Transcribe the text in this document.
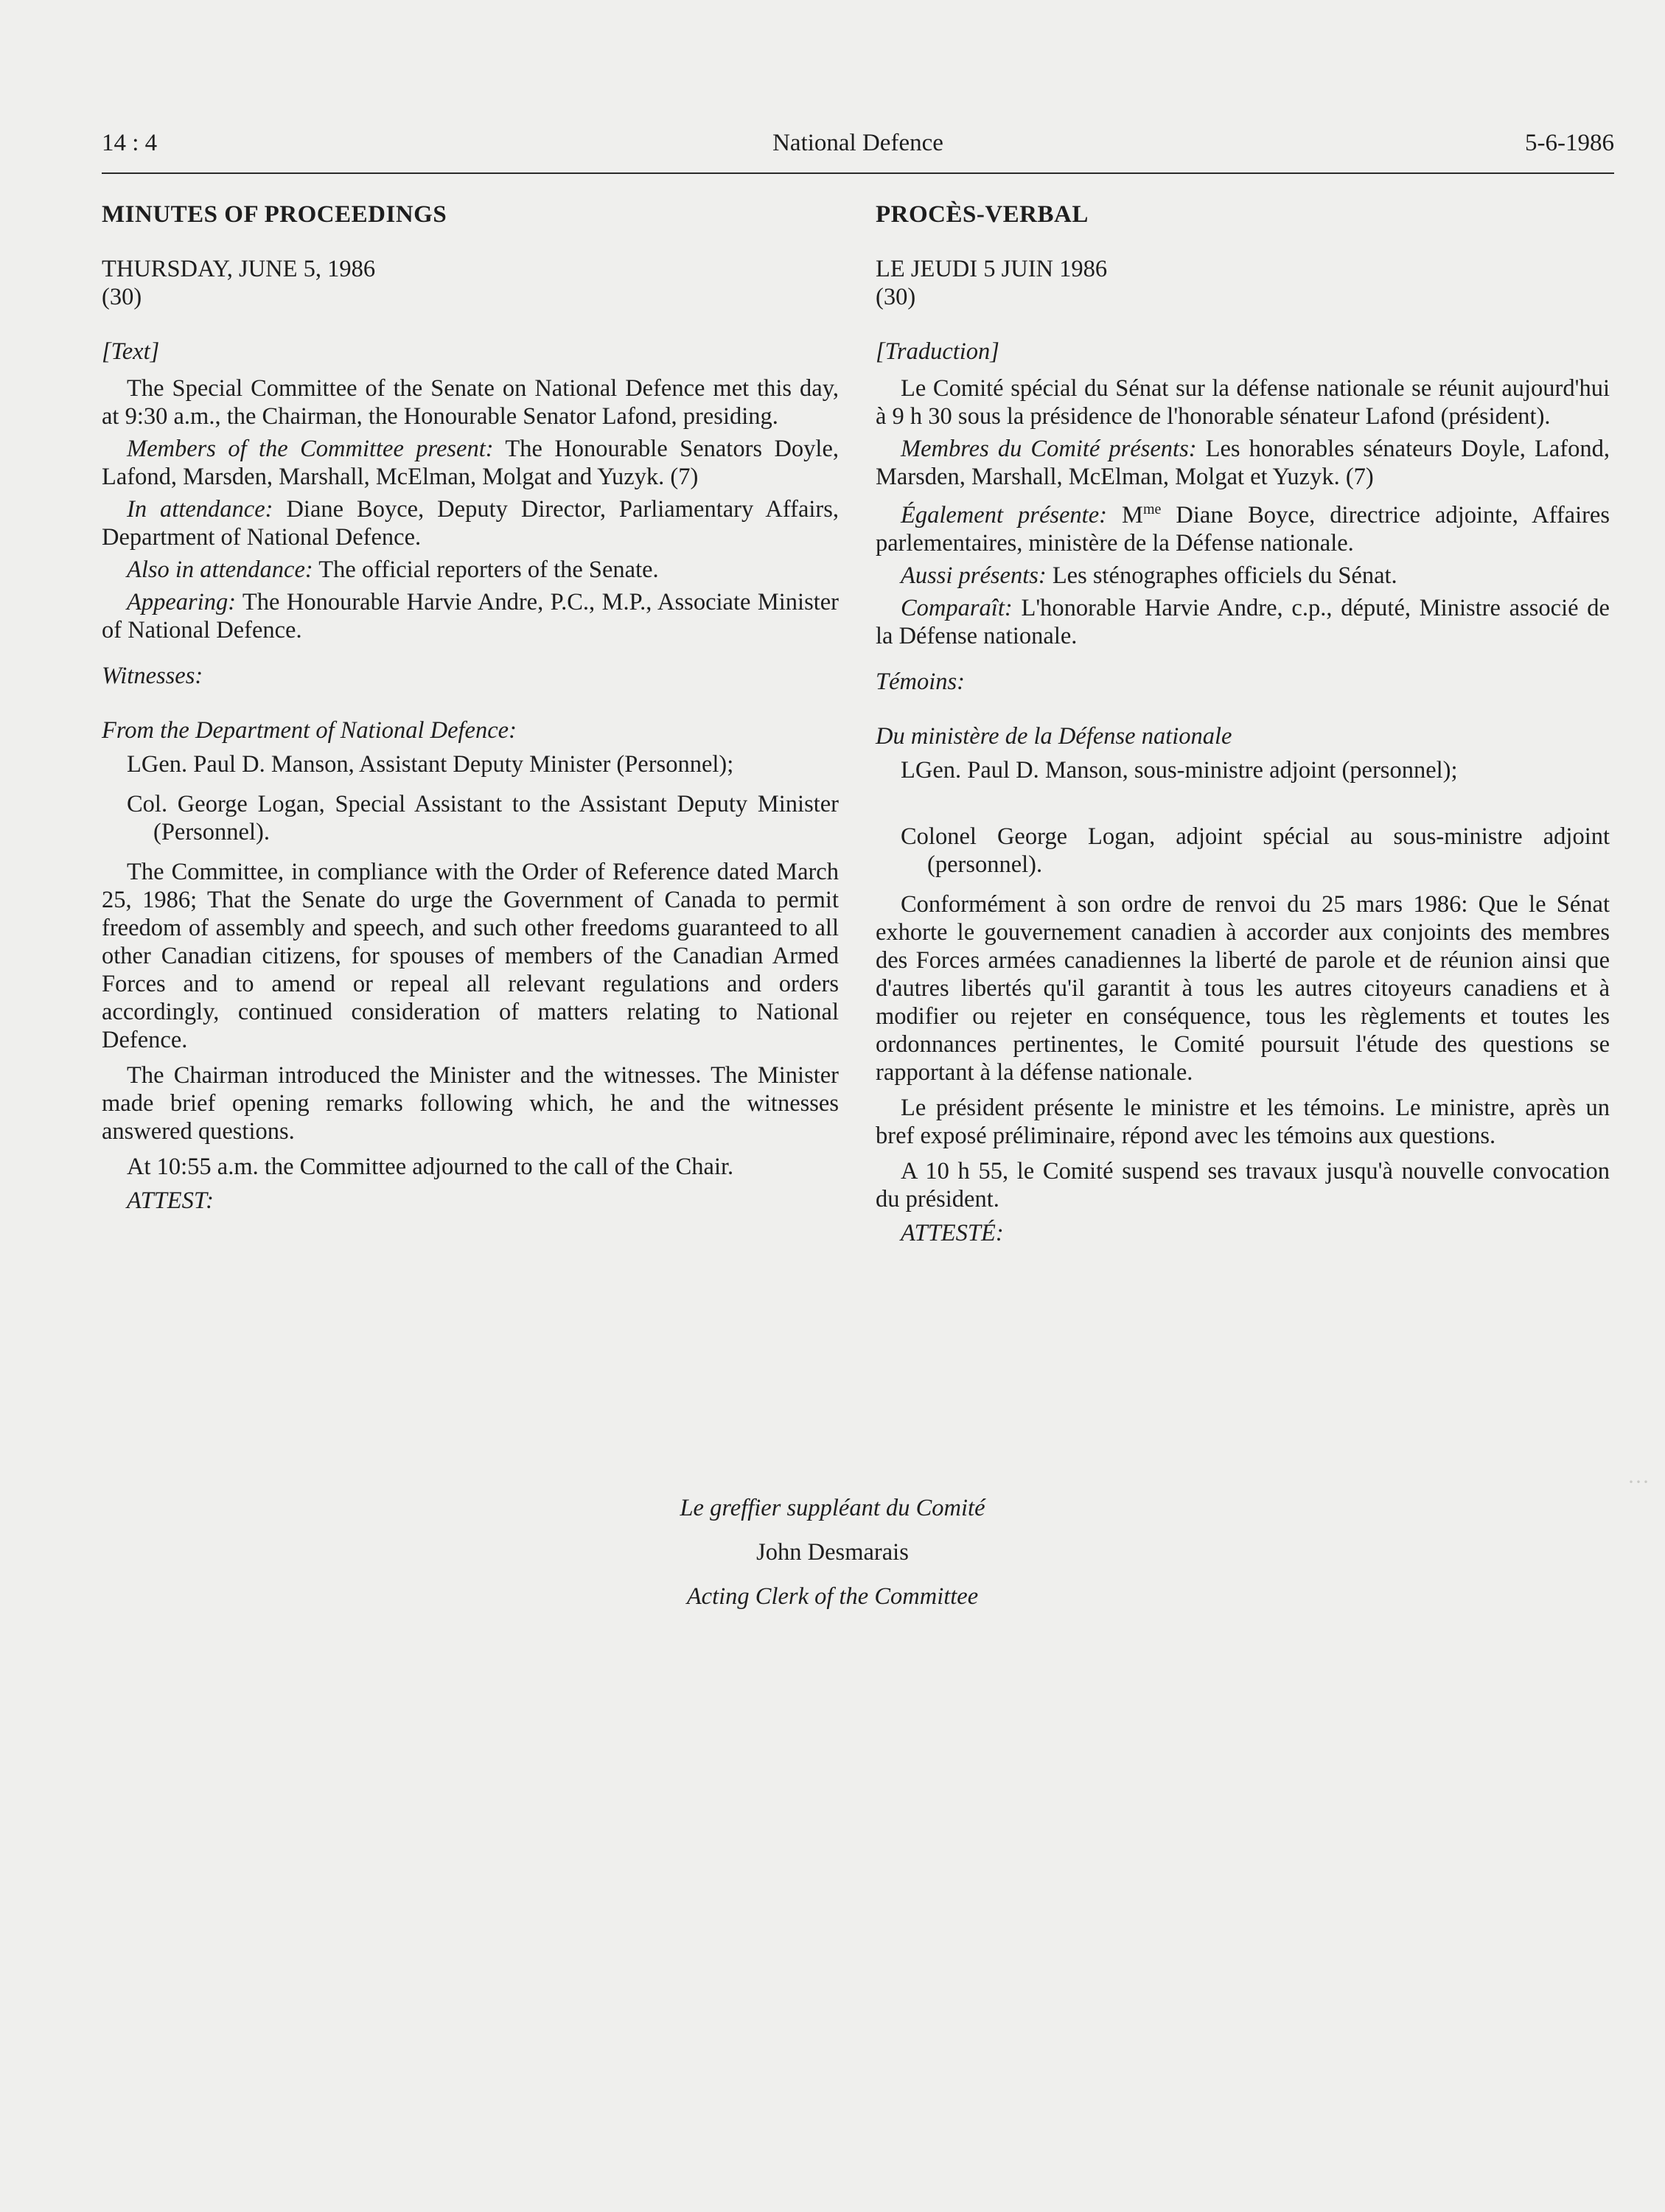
14 : 4	National Defence	5-6-1986

MINUTES OF PROCEEDINGS

THURSDAY, JUNE 5, 1986

(30)

[Text]

The Special Committee of the Senate on National Defence met this day, at 9:30 a.m., the Chairman, the Honourable Senator Lafond, presiding.

Members of the Committee present: The Honourable Senators Doyle, Lafond, Marsden, Marshall, McElman, Molgat and Yuzyk. (7)

In attendance: Diane Boyce, Deputy Director, Parliamentary Affairs, Department of National Defence.

Also in attendance: The official reporters of the Senate.

Appearing: The Honourable Harvie Andre, P.C., M.P., Associate Minister of National Defence.

Witnesses:

From the Department of National Defence:

LGen. Paul D. Manson, Assistant Deputy Minister (Personnel);

Col. George Logan, Special Assistant to the Assistant Deputy Minister (Personnel).

The Committee, in compliance with the Order of Reference dated March 25, 1986; That the Senate do urge the Government of Canada to permit freedom of assembly and speech, and such other freedoms guaranteed to all other Canadian citizens, for spouses of members of the Canadian Armed Forces and to amend or repeal all relevant regulations and orders accordingly, continued consideration of matters relating to National Defence.

The Chairman introduced the Minister and the witnesses. The Minister made brief opening remarks following which, he and the witnesses answered questions.

At 10:55 a.m. the Committee adjourned to the call of the Chair.

ATTEST:

PROCÈS-VERBAL

LE JEUDI 5 JUIN 1986

(30)

[Traduction]

Le Comité spécial du Sénat sur la défense nationale se réunit aujourd'hui à 9 h 30 sous la présidence de l'honorable sénateur Lafond (président).

Membres du Comité présents: Les honorables sénateurs Doyle, Lafond, Marsden, Marshall, McElman, Molgat et Yuzyk. (7)

Également présente: $M^{me}$ Diane Boyce, directrice adjointe, Affaires parlementaires, ministère de la Défense nationale.

Aussi présents: Les sténographes officiels du Sénat.

Comparaît: L'honorable Harvie Andre, c.p., député, Ministre associé de la Défense nationale.

Témoins:

Du ministère de la Défense nationale

LGen. Paul D. Manson, sous-ministre adjoint (personnel);

Colonel George Logan, adjoint spécial au sous-ministre adjoint (personnel).

Conformément à son ordre de renvoi du 25 mars 1986: Que le Sénat exhorte le gouvernement canadien à accorder aux conjoints des membres des Forces armées canadiennes la liberté de parole et de réunion ainsi que d'autres libertés qu'il garantit à tous les autres citoyeurs canadiens et à modifier ou rejeter en conséquence, tous les règlements et toutes les ordonnances pertinentes, le Comité poursuit l'étude des questions se rapportant à la défense nationale.

Le président présente le ministre et les témoins. Le ministre, après un bref exposé préliminaire, répond avec les témoins aux questions.

A 10 h 55, le Comité suspend ses travaux jusqu'à nouvelle convocation du président.

ATTESTÉ:

Le greffier suppléant du Comité
John Desmarais
Acting Clerk of the Committee
···
